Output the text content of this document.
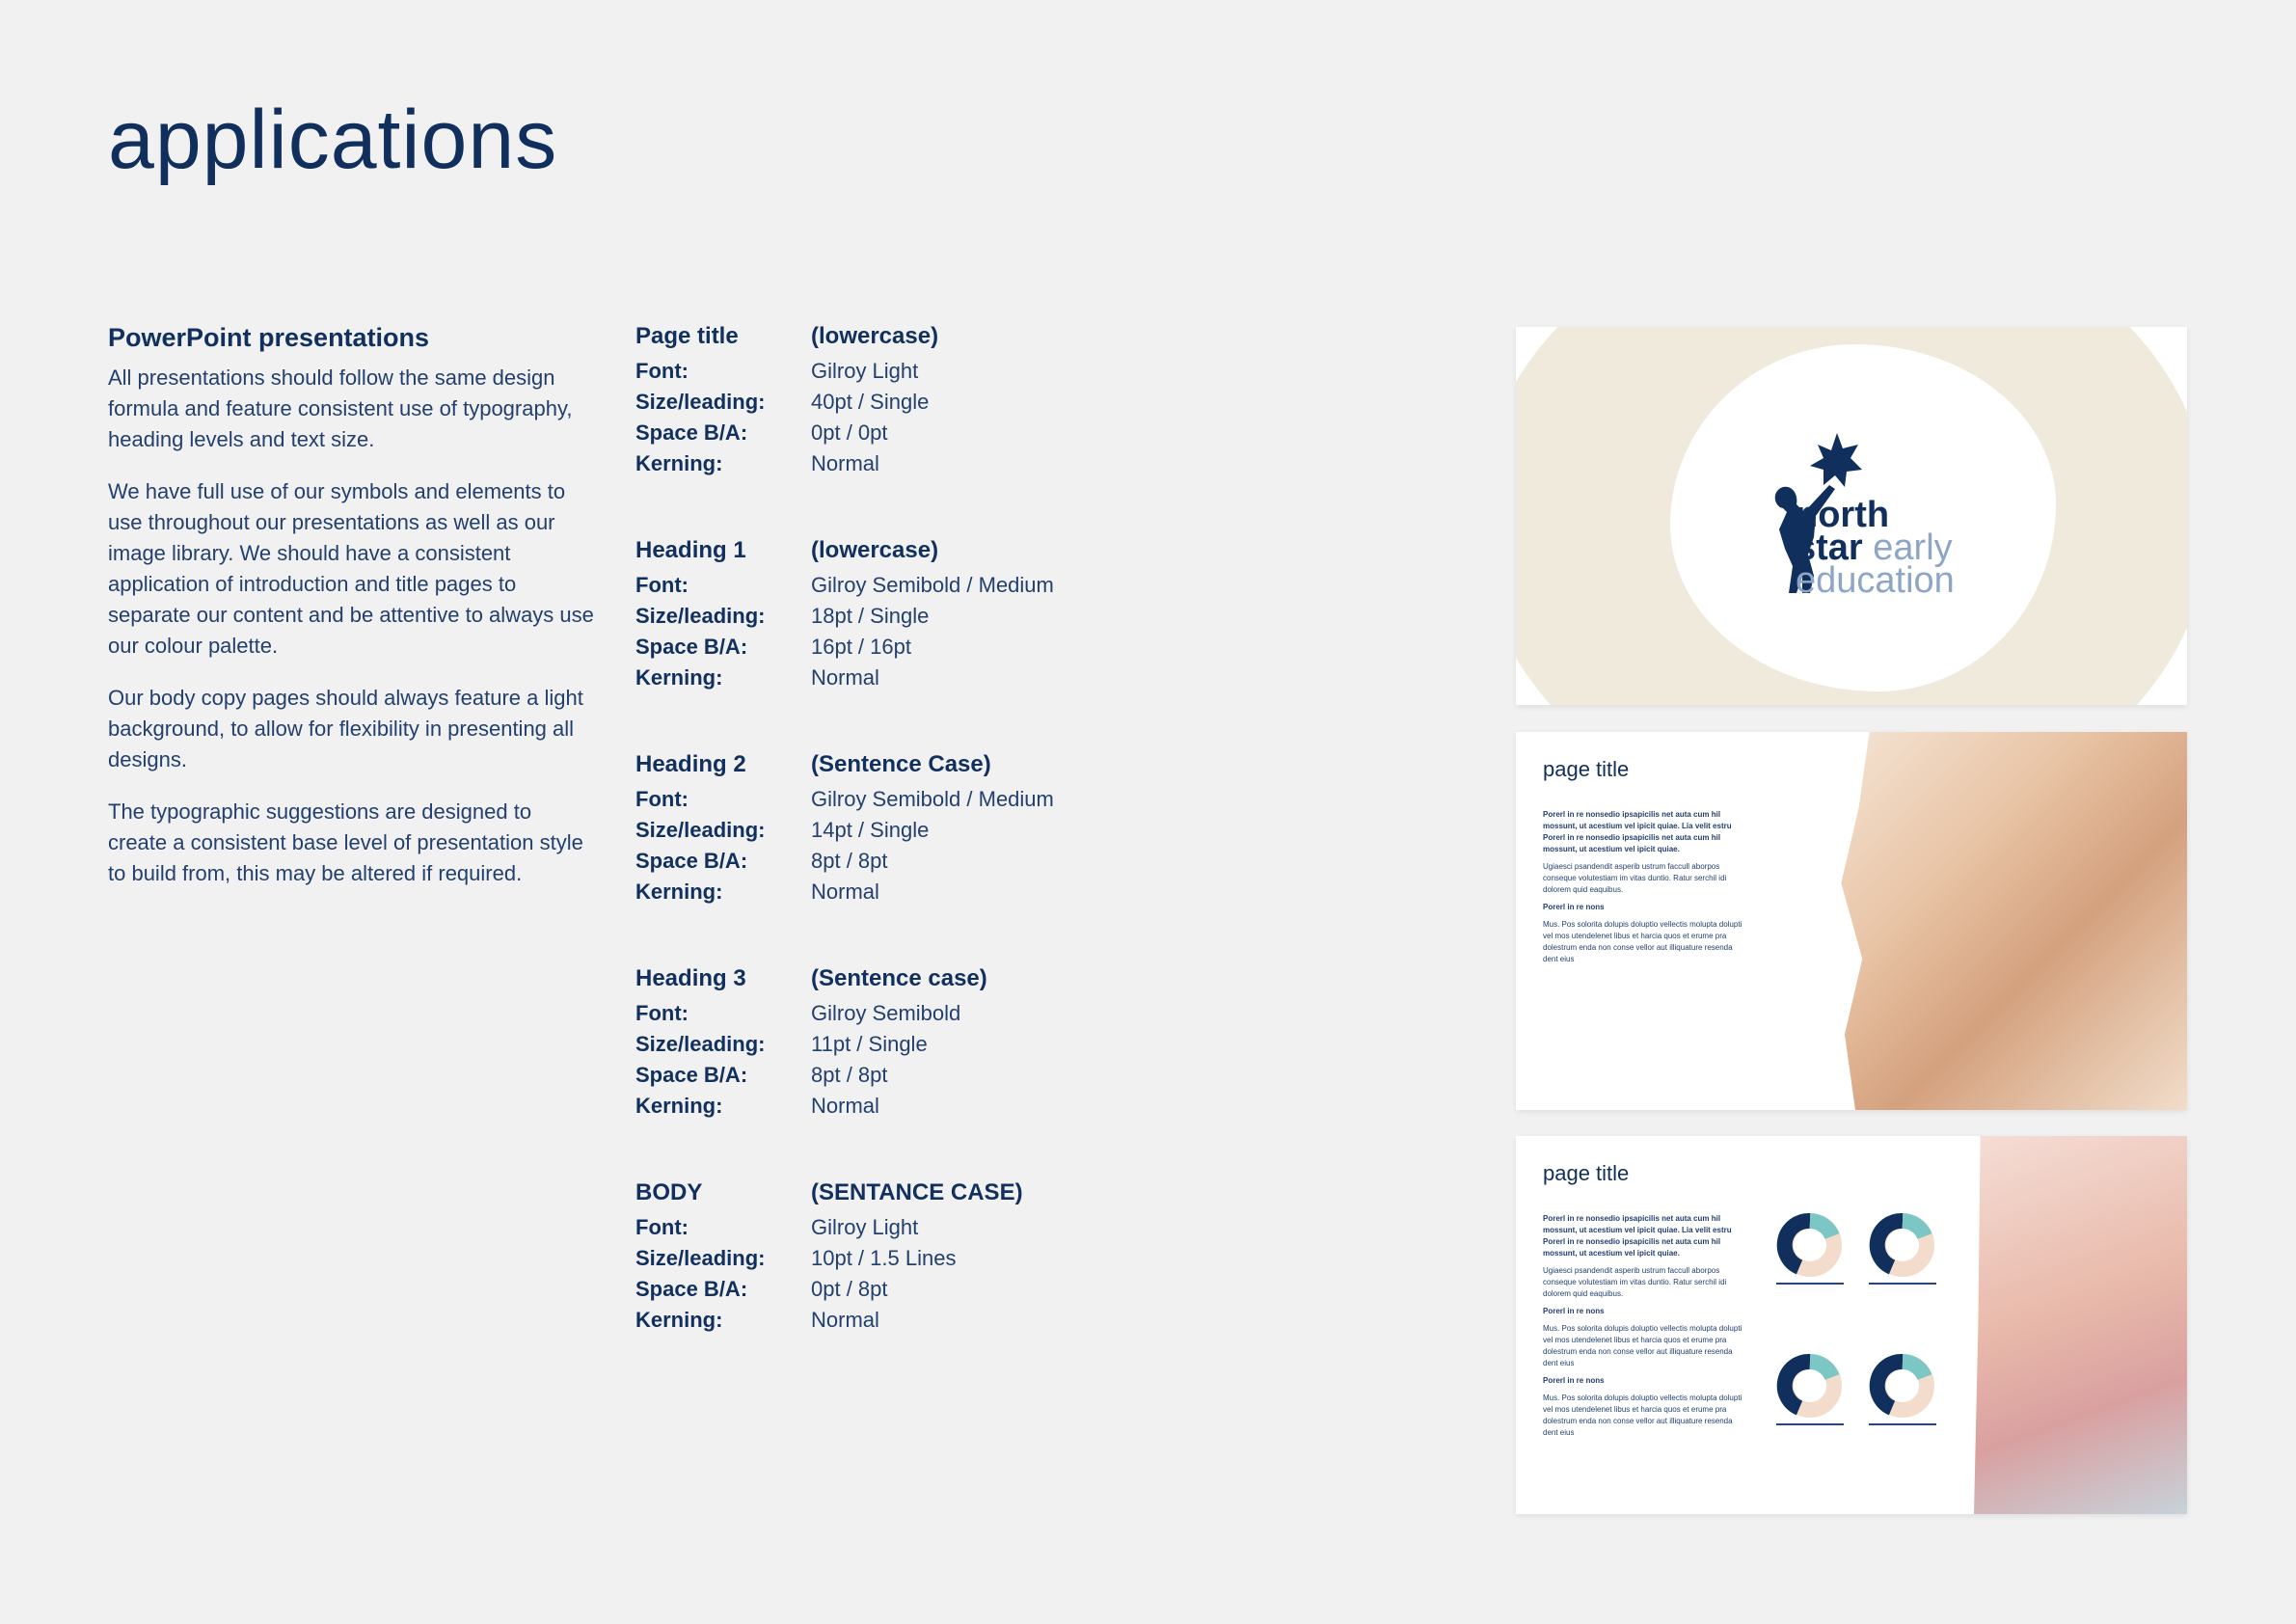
applications
PowerPoint presentations

All presentations should follow the same design formula and feature consistent use of typography, heading levels and text size.

We have full use of our symbols and elements to use throughout our presentations as well as our image library. We should have a consistent application of introduction and title pages to separate our content and be attentive to always use our colour palette.

Our body copy pages should always feature a light background, to allow for flexibility in presenting all designs.

The typographic suggestions are designed to create a consistent base level of presentation style to build from, this may be altered if required.

Page title	(lowercase)
Font:	Gilroy Light
Size/leading:	40pt / Single
Space B/A:	0pt / 0pt
Kerning:	Normal
Heading 1	(lowercase)
Font:	Gilroy Semibold / Medium
Size/leading:	18pt / Single
Space B/A:	16pt / 16pt
Kerning:	Normal
Heading 2	(Sentence Case)
Font:	Gilroy Semibold / Medium
Size/leading:	14pt / Single
Space B/A:	8pt / 8pt
Kerning:	Normal
Heading 3	(Sentence case)
Font:	Gilroy Semibold
Size/leading:	11pt / Single
Space B/A:	8pt / 8pt
Kerning:	Normal
BODY	(SENTANCE CASE)
Font:	Gilroy Light
Size/leading:	10pt / 1.5 Lines
Space B/A:	0pt / 8pt
Kerning:	Normal
north
star early
education
page title

Porerl in re nonsedio ipsapicilis net auta cum hil mossunt, ut acestium vel ipicit quiae. Lia velit estru Porerl in re nonsedio ipsapicilis net auta cum hil mossunt, ut acestium vel ipicit quiae.

Ugiaesci psandendit asperib ustrum faccull aborpos conseque volutestiam im vitas duntio. Ratur serchil idi dolorem quid eaquibus.

Porerl in re nons

Mus. Pos solorita dolupis doluptio vellectis molupta dolupti vel mos utendelenet libus et harcia quos et erume pra dolestrum enda non conse vellor aut illiquature resenda dent eius

page title

Porerl in re nonsedio ipsapicilis net auta cum hil mossunt, ut acestium vel ipicit quiae. Lia velit estru Porerl in re nonsedio ipsapicilis net auta cum hil mossunt, ut acestium vel ipicit quiae.

Ugiaesci psandendit asperib ustrum faccull aborpos conseque volutestiam im vitas duntio. Ratur serchil idi dolorem quid eaquibus.

Porerl in re nons

Mus. Pos solorita dolupis doluptio vellectis molupta dolupti vel mos utendelenet libus et harcia quos et erume pra dolestrum enda non conse vellor aut illiquature resenda dent eius

Porerl in re nons

Mus. Pos solorita dolupis doluptio vellectis molupta dolupti vel mos utendelenet libus et harcia quos et erume pra dolestrum enda non conse vellor aut illiquature resenda dent eius
